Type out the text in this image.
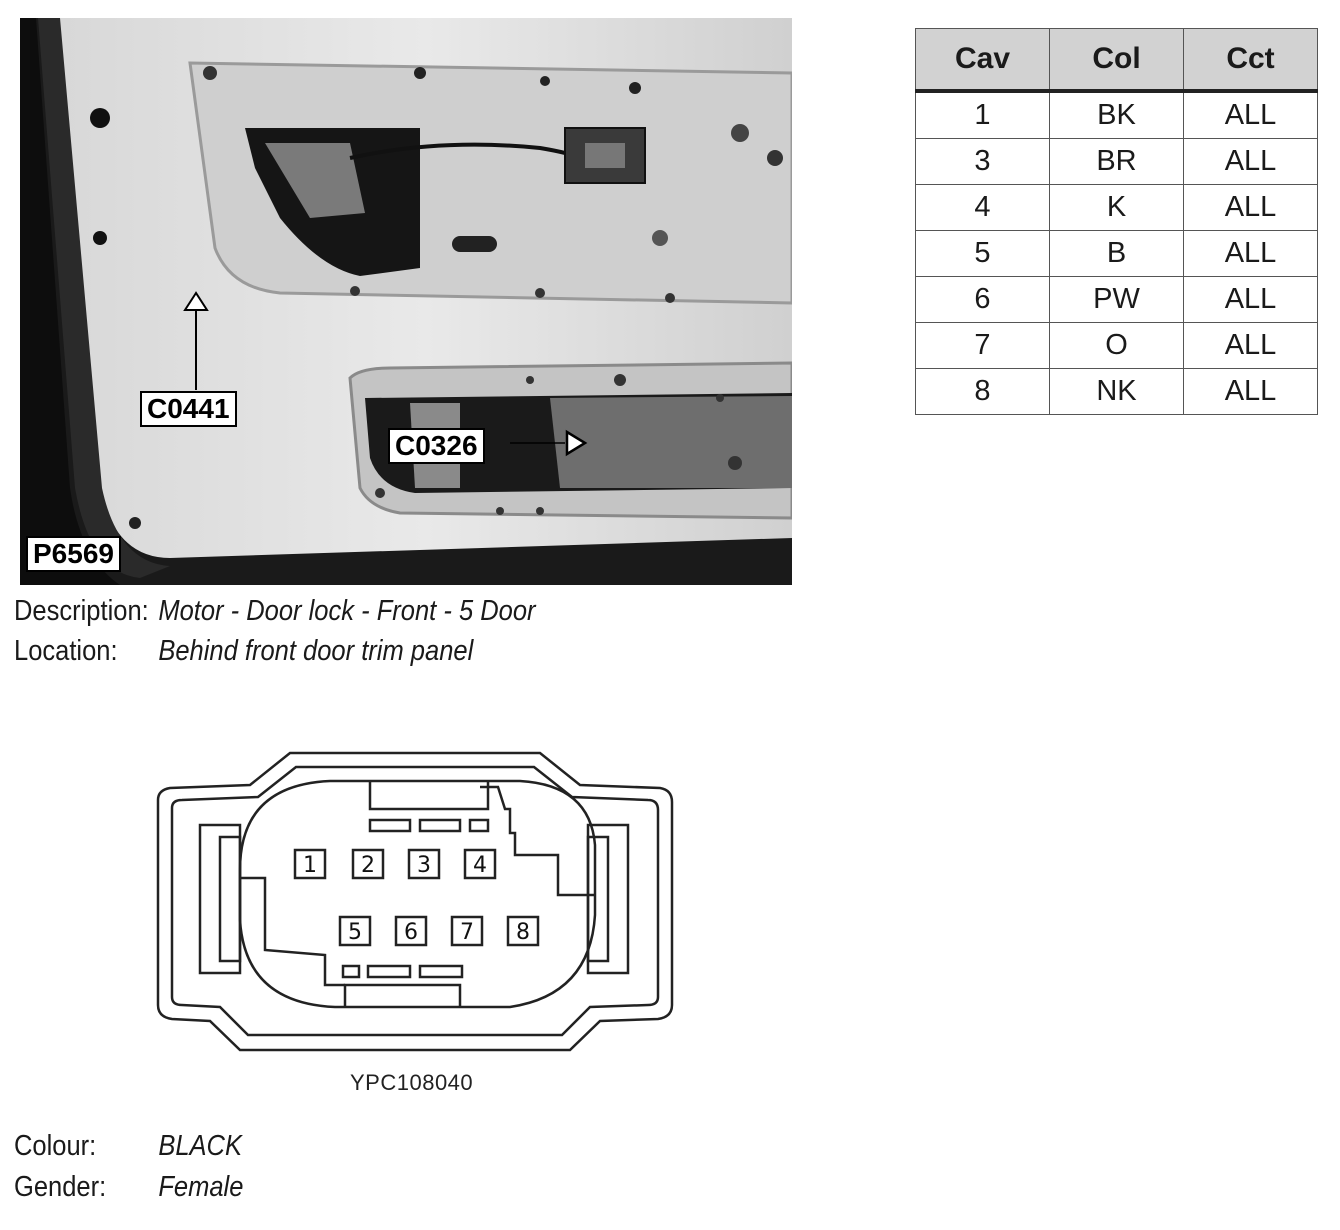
C0441
C0326
P6569
Description: Motor - Door lock - Front - 5 Door
Location: Behind front door trim panel
Cav	Col	Cct
1	BK	ALL
3	BR	ALL
4	K	ALL
5	B	ALL
6	PW	ALL
7	O	ALL
8	NK	ALL
1 2 3 4
5 6 7 8
YPC108040
Colour: BLACK
Gender: Female
